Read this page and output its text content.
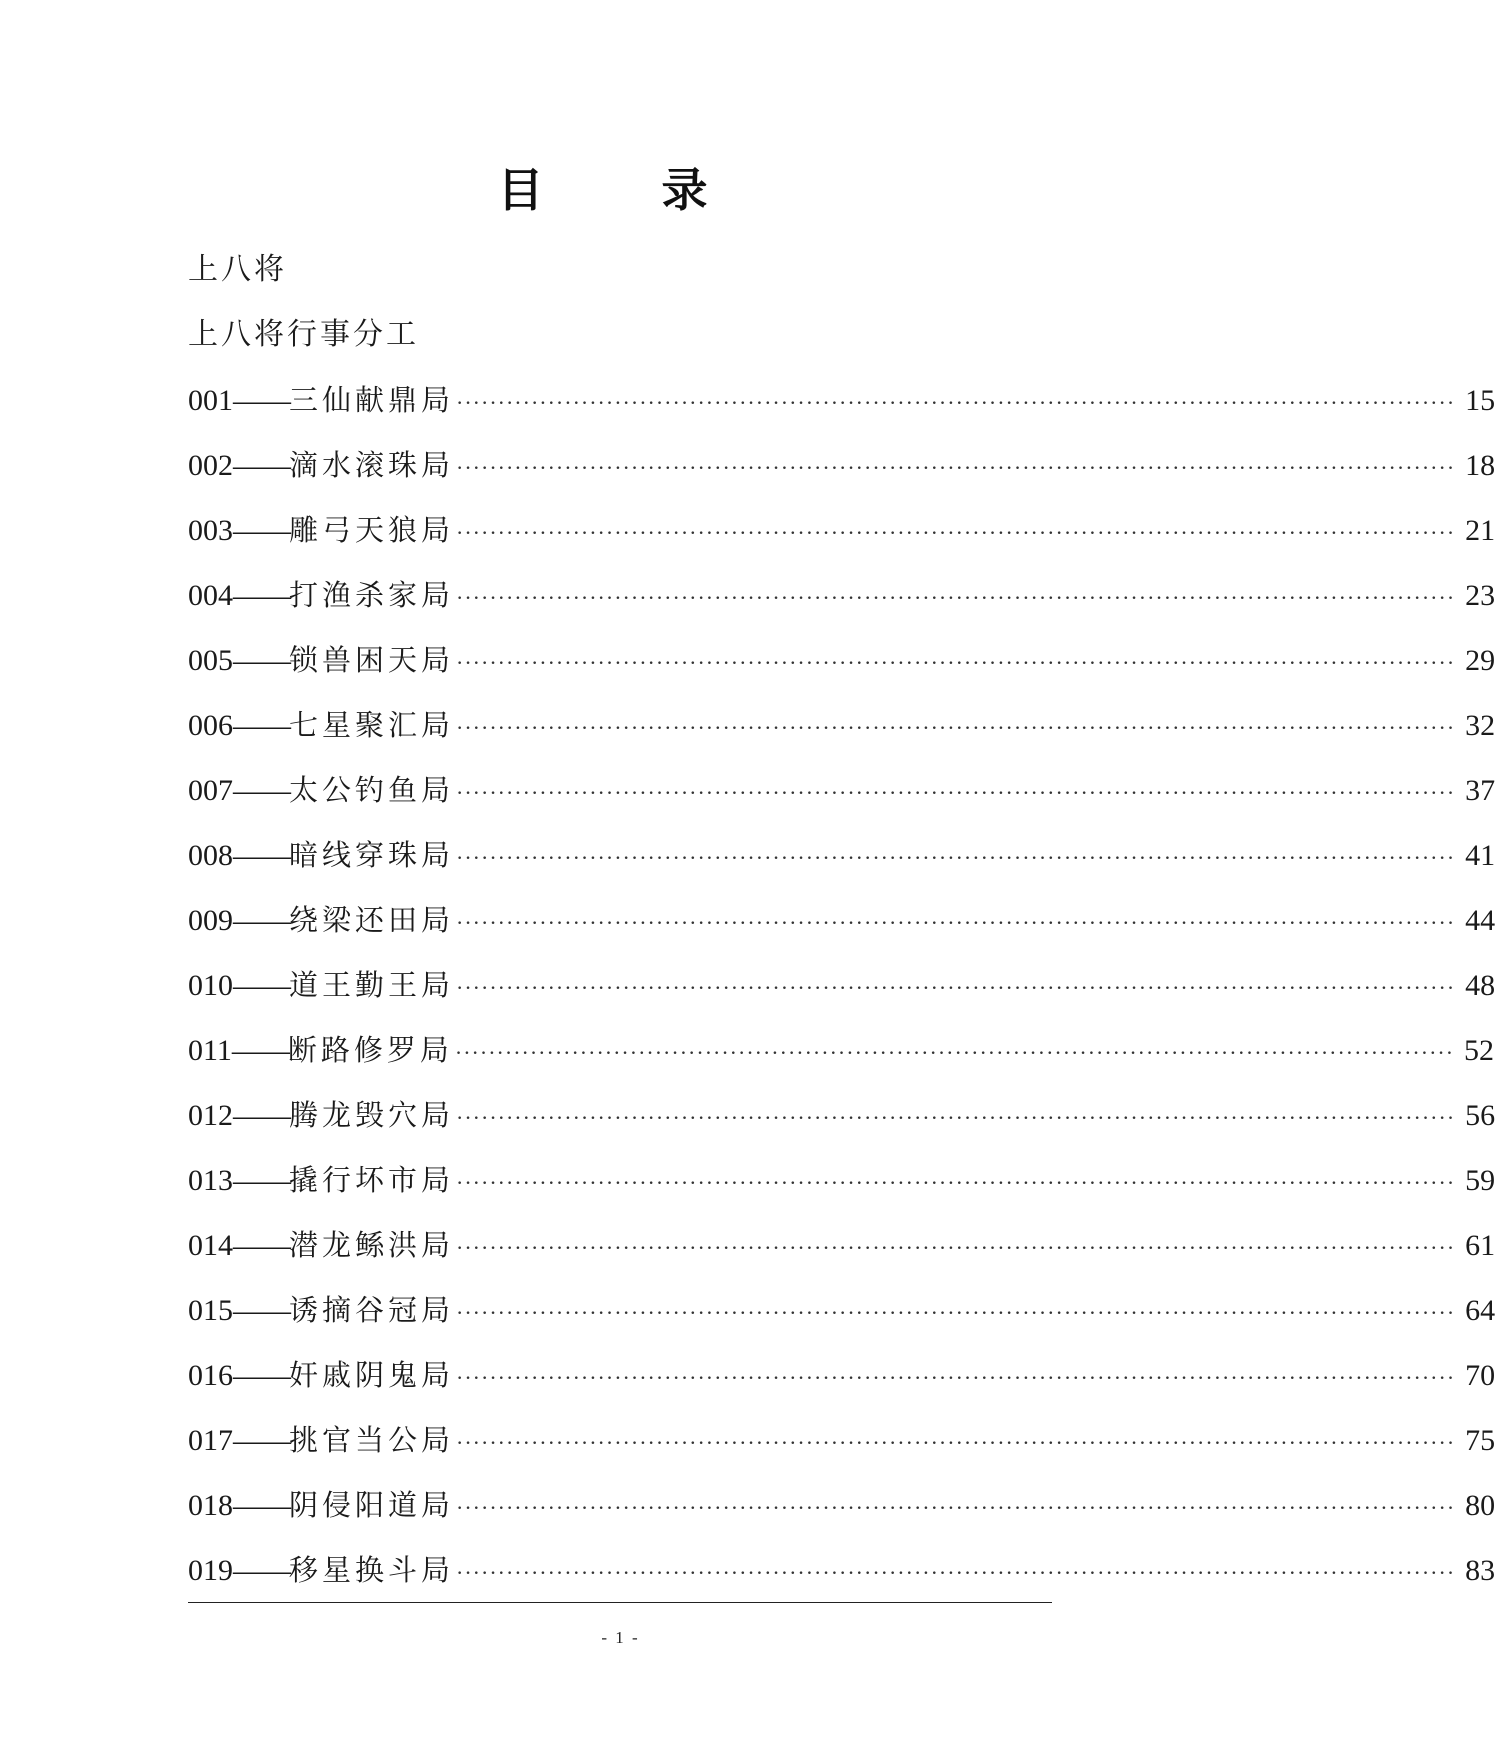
目　录
上八将
上八将行事分工
001 —— 三仙献鼎局 ························································································································ 15
002 —— 滴水滚珠局 ························································································································ 18
003 —— 雕弓天狼局 ························································································································ 21
004 —— 打渔杀家局 ························································································································ 23
005 —— 锁兽困天局 ························································································································ 29
006 —— 七星聚汇局 ························································································································ 32
007 —— 太公钓鱼局 ························································································································ 37
008 —— 暗线穿珠局 ························································································································ 41
009 —— 绕梁还田局 ························································································································ 44
010 —— 道王勤王局 ························································································································ 48
011 —— 断路修罗局 ························································································································ 52
012 —— 腾龙毁穴局 ························································································································ 56
013 —— 撬行坏市局 ························································································································ 59
014 —— 潜龙鲧洪局 ························································································································ 61
015 —— 诱摘谷冠局 ························································································································ 64
016 —— 奸戚阴鬼局 ························································································································ 70
017 —— 挑官当公局 ························································································································ 75
018 —— 阴侵阳道局 ························································································································ 80
019 —— 移星换斗局 ························································································································ 83
- 1 -
